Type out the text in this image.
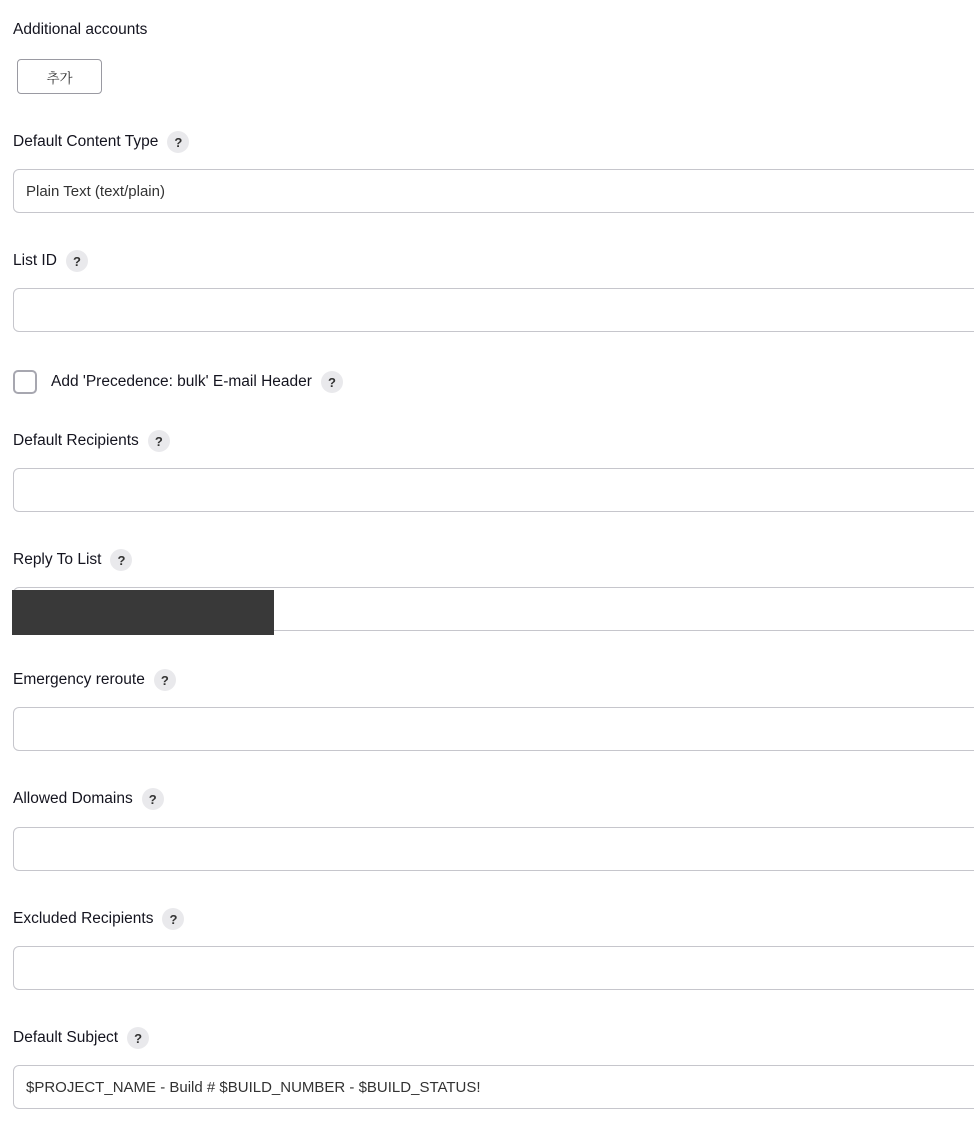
Additional accounts
추가
Default Content Type	?
Plain Text (text/plain)
List ID	?
Add 'Precedence: bulk' E-mail Header	?
Default Recipients	?
Reply To List	?
Emergency reroute	?
Allowed Domains	?
Excluded Recipients	?
Default Subject	?
$PROJECT_NAME - Build # $BUILD_NUMBER - $BUILD_STATUS!
